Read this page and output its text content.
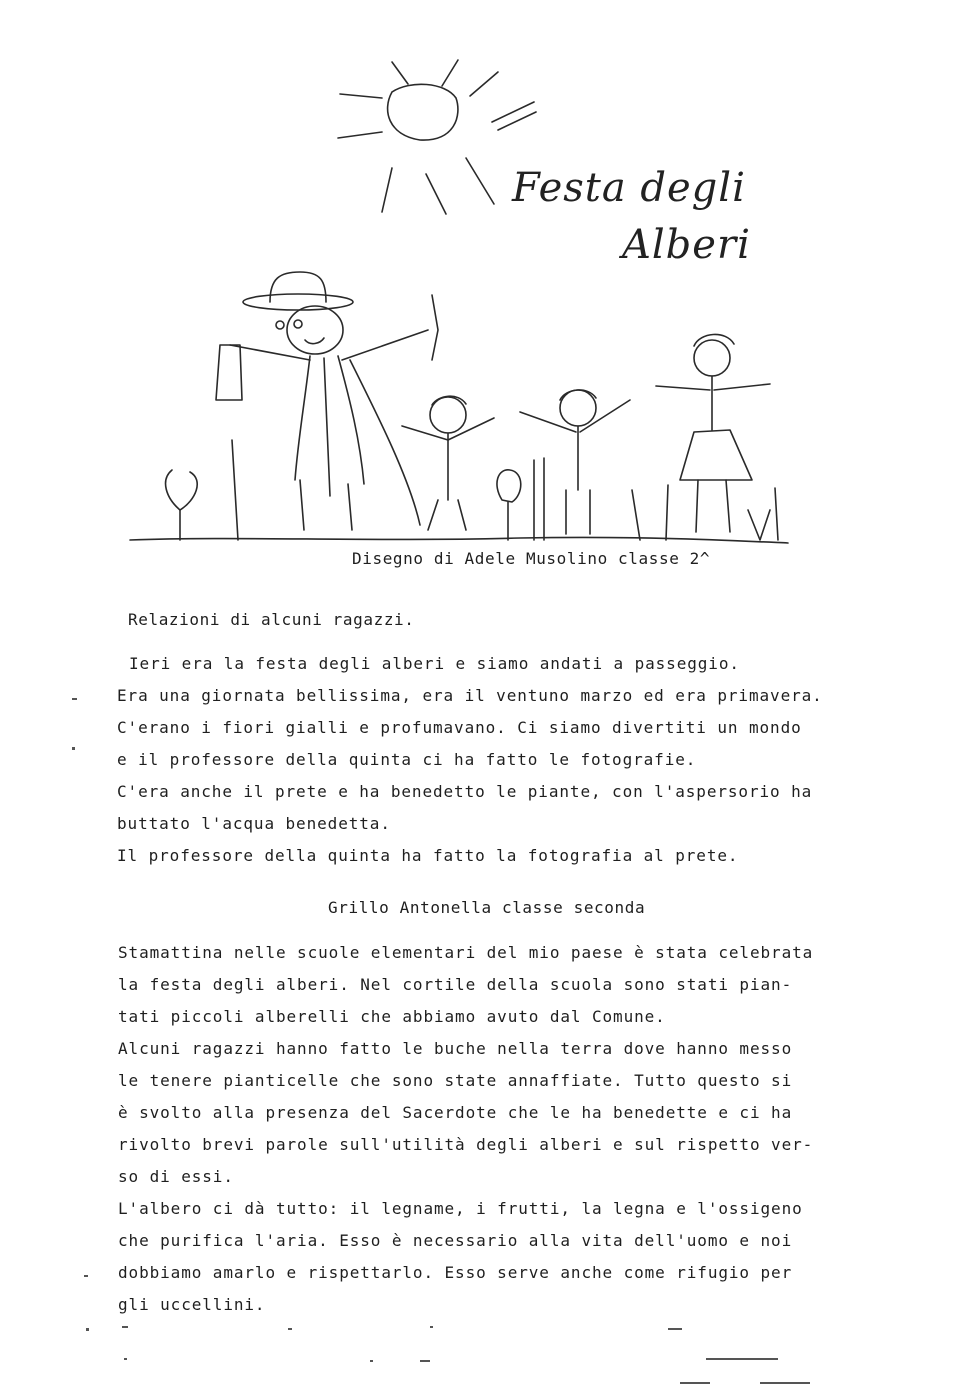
Festa degli
Alberi
Disegno di Adele Musolino classe 2^
Relazioni di alcuni ragazzi.
Ieri era la festa degli alberi e siamo andati a passeggio.
Era una giornata bellissima, era il ventuno marzo ed era primavera.
C'erano i fiori gialli e profumavano. Ci siamo divertiti un mondo
e il professore della quinta ci ha fatto le fotografie.
C'era anche il prete e ha benedetto le piante, con l'aspersorio ha
buttato l'acqua benedetta.
Il professore della quinta ha fatto la fotografia al prete.
Grillo Antonella classe seconda
Stamattina nelle scuole elementari del mio paese è stata celebrata
la festa degli alberi. Nel cortile della scuola sono stati pian-
tati piccoli alberelli che abbiamo avuto dal Comune.
Alcuni ragazzi hanno fatto le buche nella terra dove hanno messo
le tenere pianticelle che sono state annaffiate. Tutto questo si
è svolto alla presenza del Sacerdote che le ha benedette e ci ha
rivolto brevi parole sull'utilità degli alberi e sul rispetto ver-
so di essi.
L'albero ci dà tutto: il legname, i frutti, la legna e l'ossigeno
che purifica l'aria. Esso è necessario alla vita dell'uomo e noi
dobbiamo amarlo e rispettarlo. Esso serve anche come rifugio per
gli uccellini.
